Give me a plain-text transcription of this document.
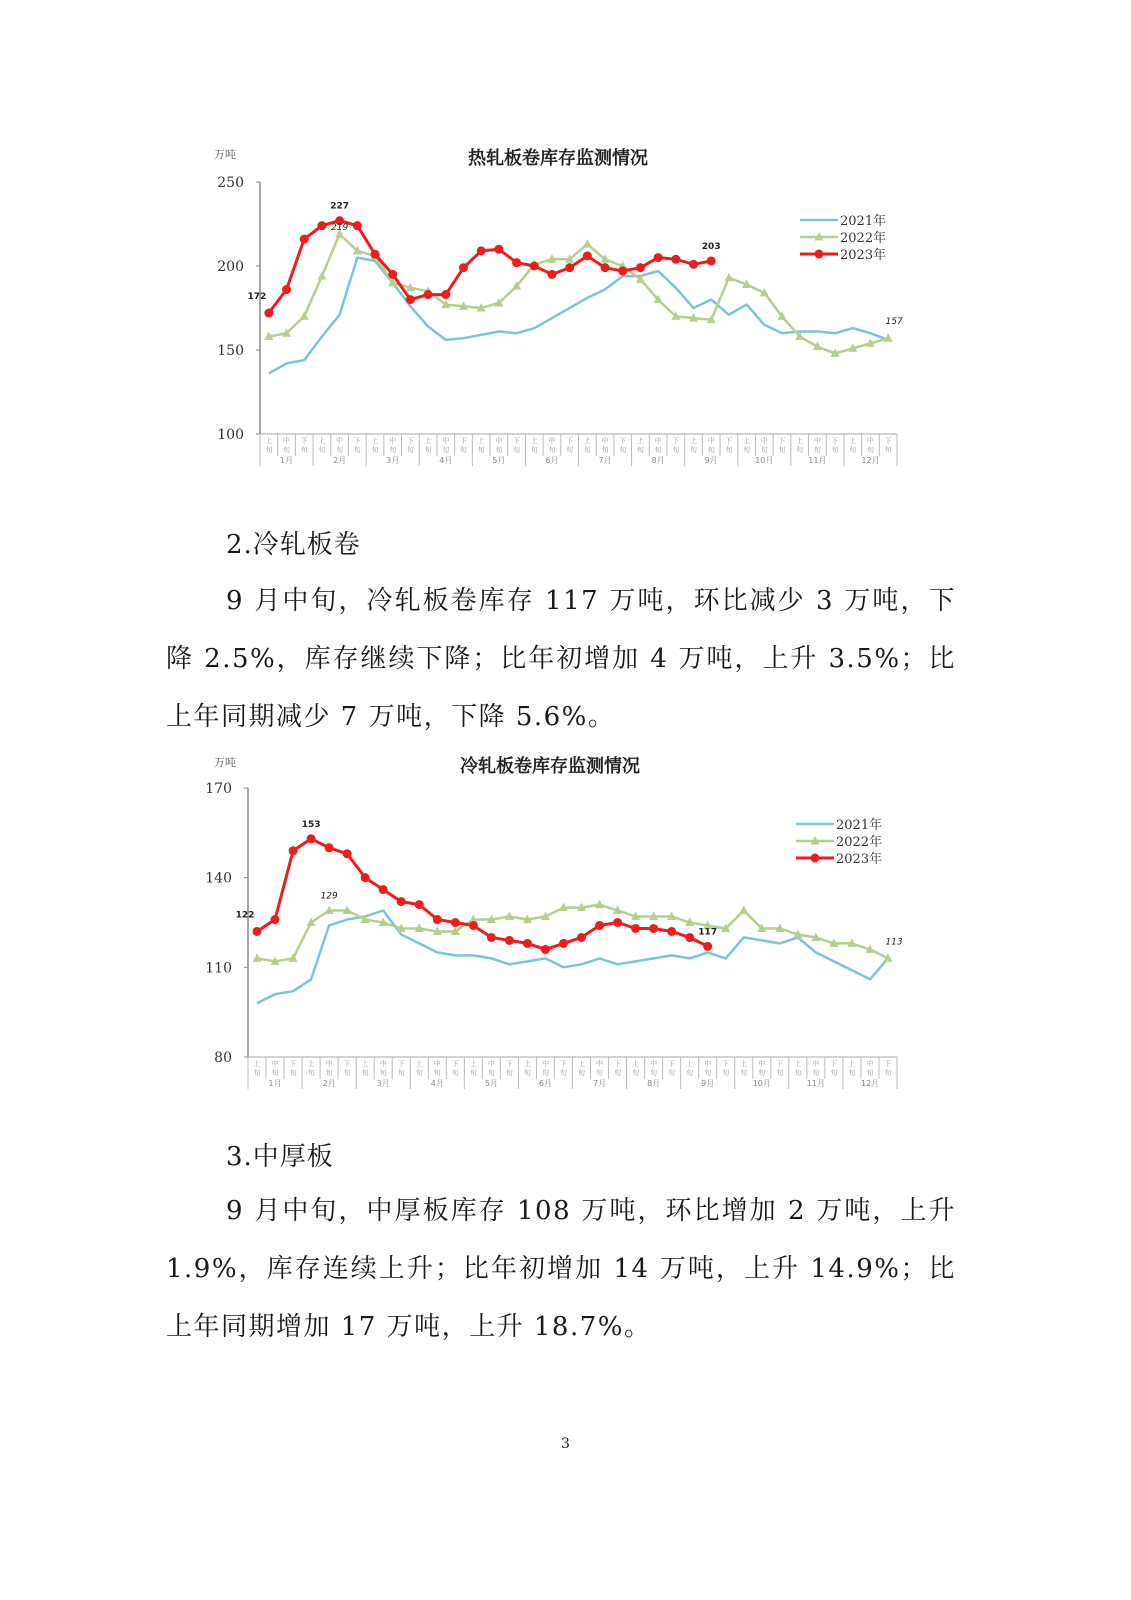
热轧板卷库存监测情况
万吨
100
150
200
250
上
旬
中
旬
下
旬
上
旬
中
旬
下
旬
上
旬
中
旬
下
旬
上
旬
中
旬
下
旬
上
旬
中
旬
下
旬
上
旬
中
旬
下
旬
上
旬
中
旬
下
旬
上
旬
中
旬
下
旬
上
旬
中
旬
下
旬
上
旬
中
旬
下
旬
上
旬
中
旬
下
旬
上
旬
中
旬
下
旬
1月	2月	3月	4月	5月	6月	7月	8月	9月	10月	11月	12月
172
227
219
203
157
2021年
2022年
2023年
2.冷轧板卷
9 月中旬，冷轧板卷库存 117 万吨，环比减少 3 万吨，下降 2.5%，库存继续下降；比年初增加 4 万吨，上升 3.5%；比上年同期减少 7 万吨，下降 5.6%。
冷轧板卷库存监测情况
万吨
80
110
140
170
上
旬
中
旬
下
旬
上
旬
中
旬
下
旬
上
旬
中
旬
下
旬
上
旬
中
旬
下
旬
上
旬
中
旬
下
旬
上
旬
中
旬
下
旬
上
旬
中
旬
下
旬
上
旬
中
旬
下
旬
上
旬
中
旬
下
旬
上
旬
中
旬
下
旬
上
旬
中
旬
下
旬
上
旬
中
旬
下
旬
1月	2月	3月	4月	5月	6月	7月	8月	9月	10月	11月	12月
122
153
129
117
113
2021年
2022年
2023年
3.中厚板
9 月中旬，中厚板库存 108 万吨，环比增加 2 万吨，上升 1.9%，库存连续上升；比年初增加 14 万吨，上升 14.9%；比上年同期增加 17 万吨，上升 18.7%。
3
